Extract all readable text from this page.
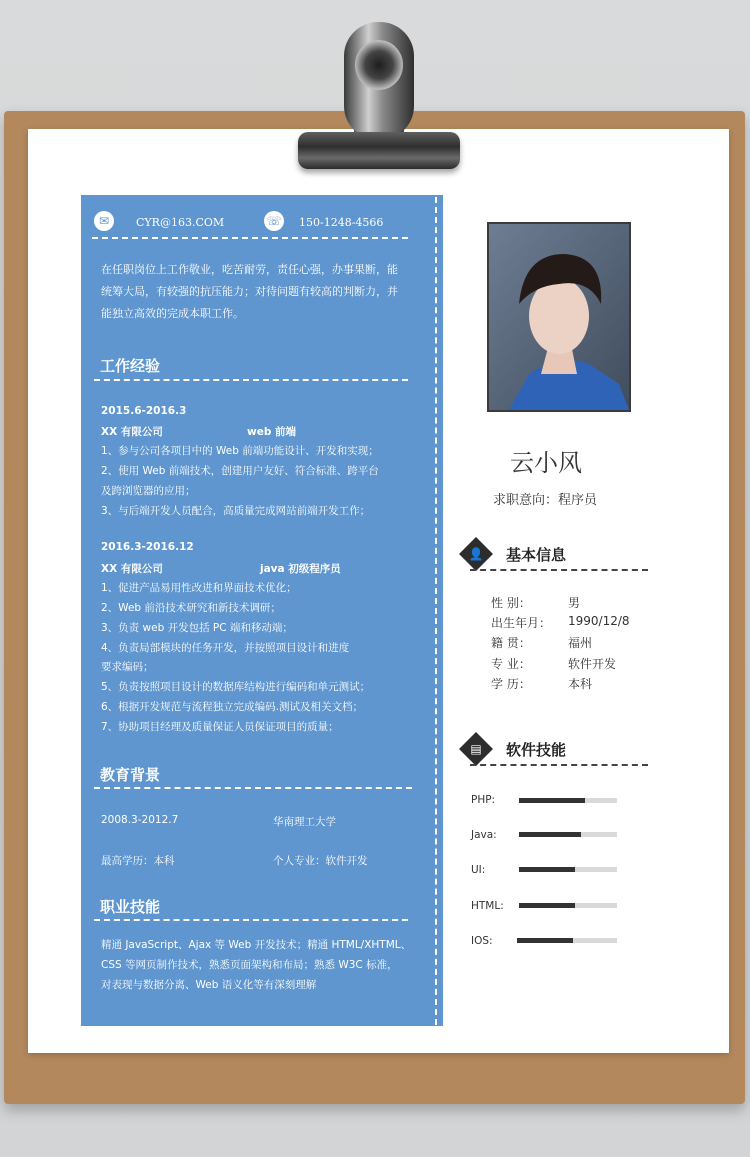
✉	CYR@163.COM	☏ 150-1248-4566
在任职岗位上工作敬业，吃苦耐劳，责任心强，办事果断，能统筹大局，有较强的抗压能力；对待问题有较高的判断力，并能独立高效的完成本职工作。
工作经验
2015.6-2016.3
XX 有限公司	web 前端
1、参与公司各项目中的 Web 前端功能设计、开发和实现；
2、使用 Web 前端技术，创建用户友好、符合标准、跨平台
及跨浏览器的应用；
3、与后端开发人员配合，高质量完成网站前端开发工作；
2016.3-2016.12
XX 有限公司	java 初级程序员
1、促进产品易用性改进和界面技术优化；
2、Web 前沿技术研究和新技术调研；
3、负责 web 开发包括 PC 端和移动端；
4、负责局部模块的任务开发，并按照项目设计和进度
要求编码；
5、负责按照项目设计的数据库结构进行编码和单元测试；
6、根据开发规范与流程独立完成编码.测试及相关文档；
7、协助项目经理及质量保证人员保证项目的质量；
教育背景
2008.3-2012.7	华南理工大学
最高学历：本科	个人专业：软件开发
职业技能
精通 JavaScript、Ajax 等 Web 开发技术；精通 HTML/XHTML、
CSS 等网页制作技术，熟悉页面架构和布局；熟悉 W3C 标准，
对表现与数据分离、Web 语义化等有深刻理解
云小风
求职意向：程序员
👤	基本信息
性 别：	男
出生年月： 1990/12/8
籍 贯：	福州
专 业：	软件开发
学 历：	本科
▤	软件技能
PHP:
Java:
UI:
HTML:
IOS:
